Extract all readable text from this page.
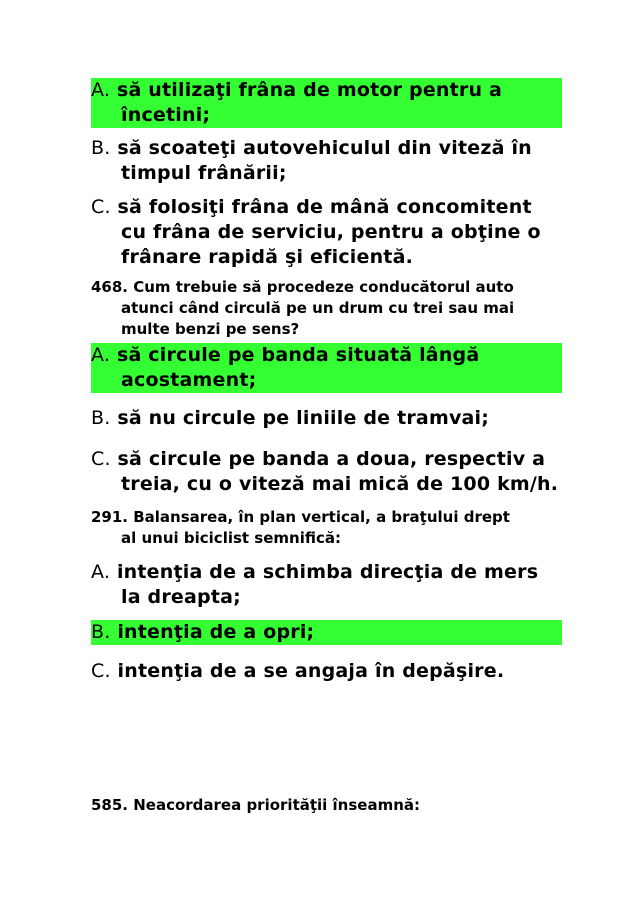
A. să utilizaţi frâna de motor pentru a
încetini;
B. să scoateţi autovehiculul din viteză în
timpul frânării;
C. să folosiţi frâna de mână concomitent
cu frâna de serviciu, pentru a obţine o
frânare rapidă şi eficientă.
468. Cum trebuie să procedeze conducătorul auto
atunci când circulă pe un drum cu trei sau mai
multe benzi pe sens?
A. să circule pe banda situată lângă
acostament;
B. să nu circule pe liniile de tramvai;
C. să circule pe banda a doua, respectiv a
treia, cu o viteză mai mică de 100 km/h.
291. Balansarea, în plan vertical, a braţului drept
al unui biciclist semnifică:
A. intenţia de a schimba direcţia de mers
la dreapta;
B. intenţia de a opri;
C. intenţia de a se angaja în depăşire.
585. Neacordarea priorităţii înseamnă:
